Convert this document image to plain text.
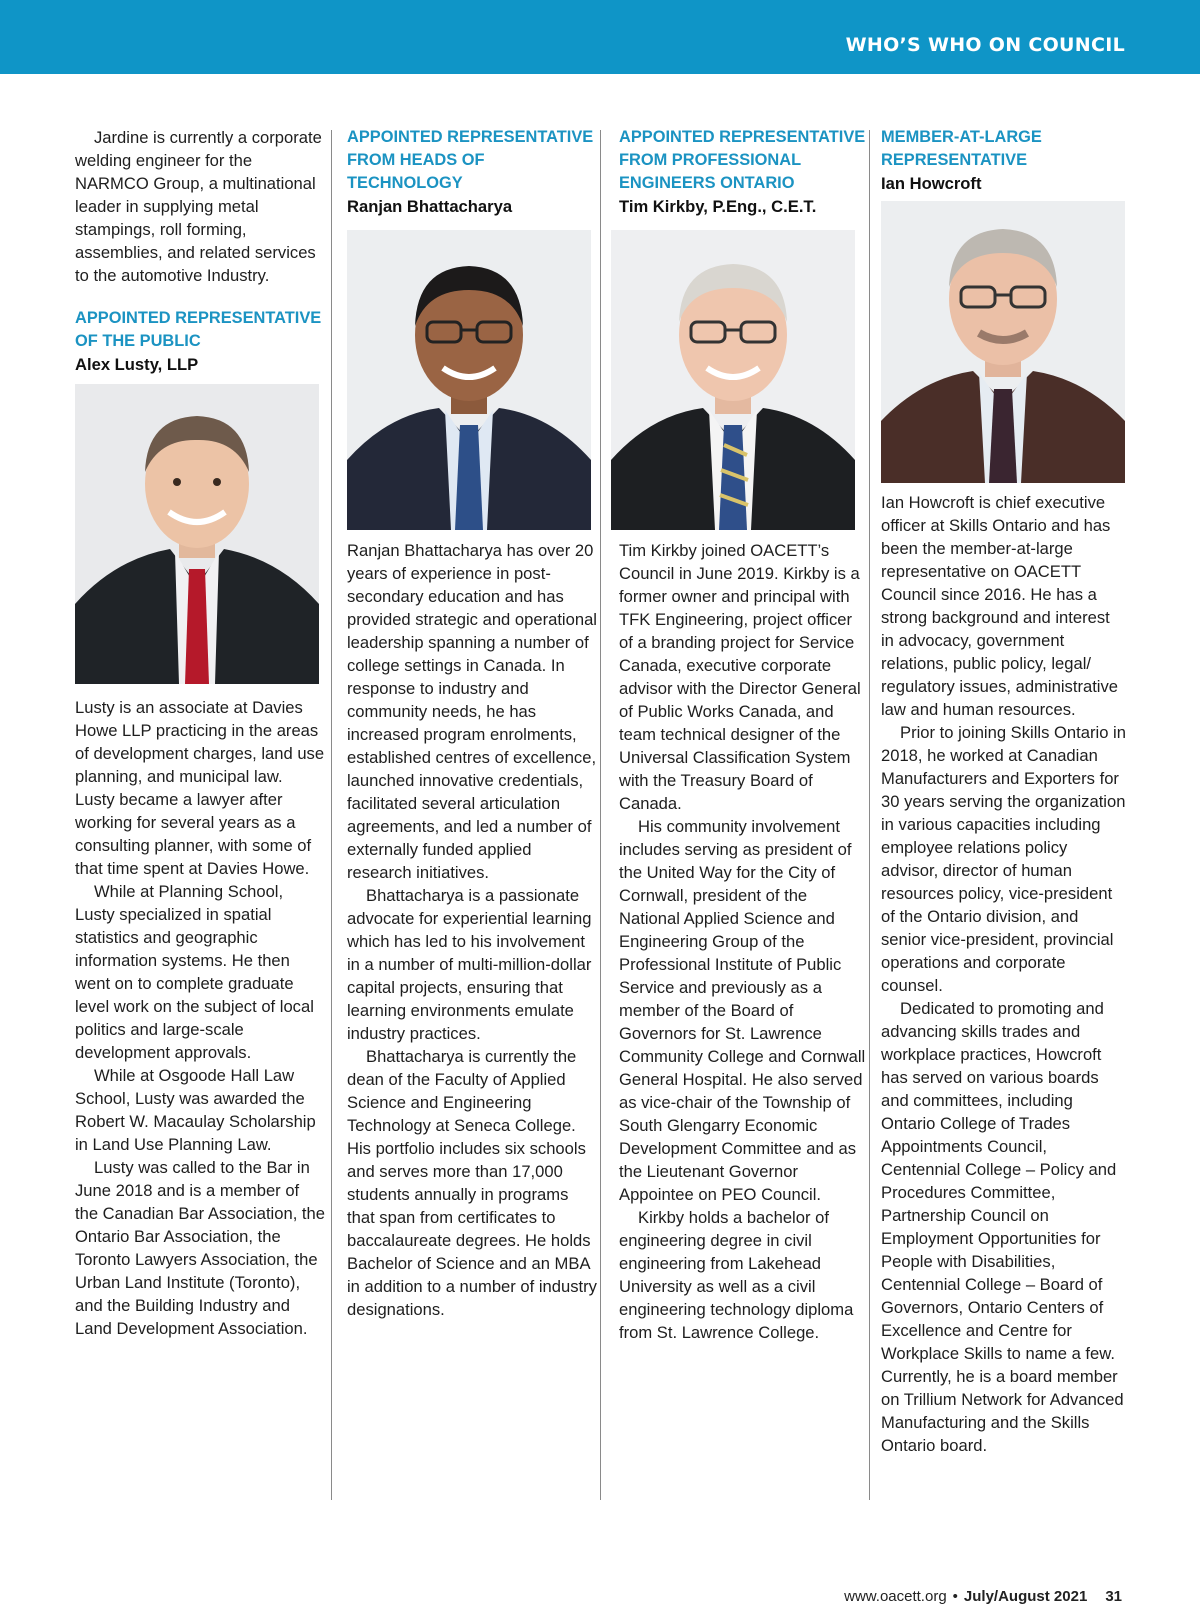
WHO’S WHO ON COUNCIL

Jardine is currently a corporate welding engineer for the NARMCO Group, a multinational leader in supplying metal stampings, roll forming, assemblies, and related services to the automotive Industry.

APPOINTED REPRESENTATIVE OF THE PUBLIC
Alex Lusty, LLP

Lusty is an associate at Davies Howe LLP practicing in the areas of development charges, land use planning, and municipal law. Lusty became a lawyer after working for several years as a consulting planner, with some of that time spent at Davies Howe.

While at Planning School, Lusty specialized in spatial statistics and geographic information systems. He then went on to complete graduate level work on the subject of local politics and large-scale development approvals.

While at Osgoode Hall Law School, Lusty was awarded the Robert W. Macaulay Scholarship in Land Use Planning Law.

Lusty was called to the Bar in June 2018 and is a member of the Canadian Bar Association, the Ontario Bar Association, the Toronto Lawyers Association, the Urban Land Institute (Toronto), and the Building Industry and Land Development Association.

APPOINTED REPRESENTATIVE FROM HEADS OF TECHNOLOGY
Ranjan Bhattacharya

Ranjan Bhattacharya has over 20 years of experience in post-secondary education and has provided strategic and operational leadership spanning a number of college settings in Canada. In response to industry and community needs, he has increased program enrolments, established centres of excellence, launched innovative credentials, facilitated several articulation agreements, and led a number of externally funded applied research initiatives.

Bhattacharya is a passionate advocate for experiential learning which has led to his involvement in a number of multi-million-dollar capital projects, ensuring that learning environments emulate industry practices.

Bhattacharya is currently the dean of the Faculty of Applied Science and Engineering Technology at Seneca College. His portfolio includes six schools and serves more than 17,000 students annually in programs that span from certificates to baccalaureate degrees. He holds Bachelor of Science and an MBA in addition to a number of industry designations.

APPOINTED REPRESENTATIVE FROM PROFESSIONAL ENGINEERS ONTARIO
Tim Kirkby, P.Eng., C.E.T.

Tim Kirkby joined OACETT’s Council in June 2019. Kirkby is a former owner and principal with TFK Engineering, project officer of a branding project for Service Canada, executive corporate advisor with the Director General of Public Works Canada, and team technical designer of the Universal Classification System with the Treasury Board of Canada.

His community involvement includes serving as president of the United Way for the City of Cornwall, president of the National Applied Science and Engineering Group of the Professional Institute of Public Service and previously as a member of the Board of Governors for St. Lawrence Community College and Cornwall General Hospital. He also served as vice-chair of the Township of South Glengarry Economic Development Committee and as the Lieutenant Governor Appointee on PEO Council.

Kirkby holds a bachelor of engineering degree in civil engineering from Lakehead University as well as a civil engineering technology diploma from St. Lawrence College.

MEMBER-AT-LARGE REPRESENTATIVE
Ian Howcroft

Ian Howcroft is chief executive officer at Skills Ontario and has been the member-at-large representative on OACETT Council since 2016. He has a strong background and interest in advocacy, government relations, public policy, legal/ regulatory issues, administrative law and human resources.

Prior to joining Skills Ontario in 2018, he worked at Canadian Manufacturers and Exporters for 30 years serving the organization in various capacities including employee relations policy advisor, director of human resources policy, vice-president of the Ontario division, and senior vice-president, provincial operations and corporate counsel.

Dedicated to promoting and advancing skills trades and workplace practices, Howcroft has served on various boards and committees, including Ontario College of Trades Appointments Council, Centennial College – Policy and Procedures Committee, Partnership Council on Employment Opportunities for People with Disabilities, Centennial College – Board of Governors, Ontario Centers of Excellence and Centre for Workplace Skills to name a few. Currently, he is a board member on Trillium Network for Advanced Manufacturing and the Skills Ontario board.

www.oacett.org • July/August 2021 31
